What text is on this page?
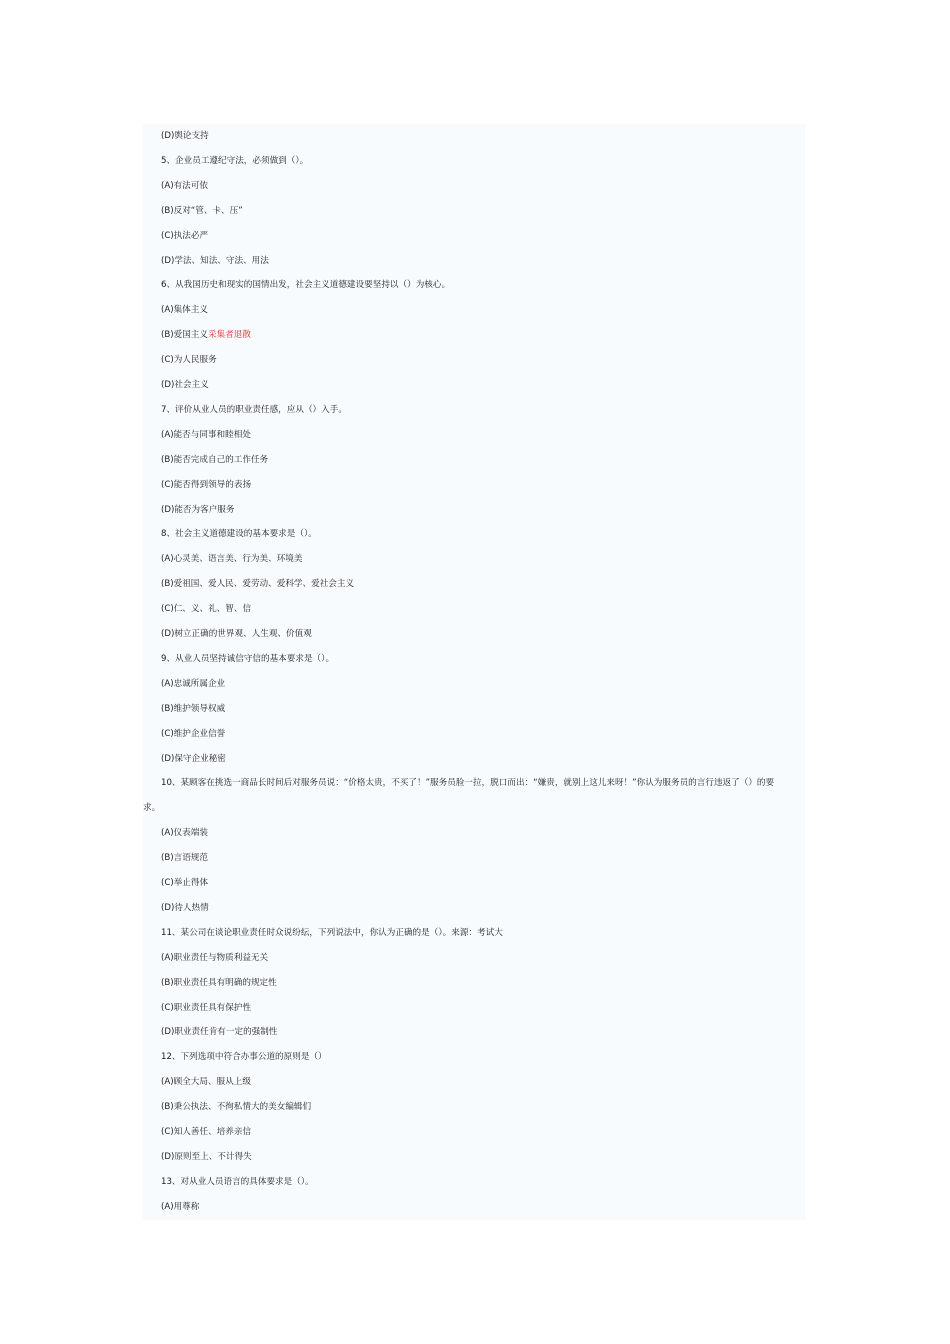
(D)舆论支持
5、企业员工遵纪守法，必须做到（）。
(A)有法可依
(B)反对“管、卡、压”
(C)执法必严
(D)学法、知法、守法、用法
6、从我国历史和现实的国情出发，社会主义道德建设要坚持以（）为核心。
(A)集体主义
(B)爱国主义采集者退散
(C)为人民服务
(D)社会主义
7、评价从业人员的职业责任感，应从（）入手。
(A)能否与同事和睦相处
(B)能否完成自己的工作任务
(C)能否得到领导的表扬
(D)能否为客户服务
8、社会主义道德建设的基本要求是（）。
(A)心灵美、语言美、行为美、环境美
(B)爱祖国、爱人民、爱劳动、爱科学、爱社会主义
(C)仁、义、礼、智、信
(D)树立正确的世界观、人生观、价值观
9、从业人员坚持诚信守信的基本要求是（）。
(A)忠诚所属企业
(B)维护领导权威
(C)维护企业信誉
(D)保守企业秘密
10、某顾客在挑选一商品长时间后对服务员说：“价格太贵，不买了！”服务员脸一拉，脱口而出：“嫌贵，就别上这儿来呀！”你认为服务员的言行违返了（）的要
求。
(A)仪表端装
(B)言语规范
(C)举止得体
(D)待人热情
11、某公司在谈论职业责任时众说纷纭，下列说法中，你认为正确的是（）。来源：考试大
(A)职业责任与物质利益无关
(B)职业责任具有明确的规定性
(C)职业责任具有保护性
(D)职业责任肯有一定的强制性
12、下列选项中符合办事公道的原则是（）
(A)顾全大局、服从上级
(B)秉公执法、不徇私情大的美女编辑们
(C)知人善任、培养亲信
(D)原则至上、不计得失
13、对从业人员语言的具体要求是（）。
(A)用尊称
